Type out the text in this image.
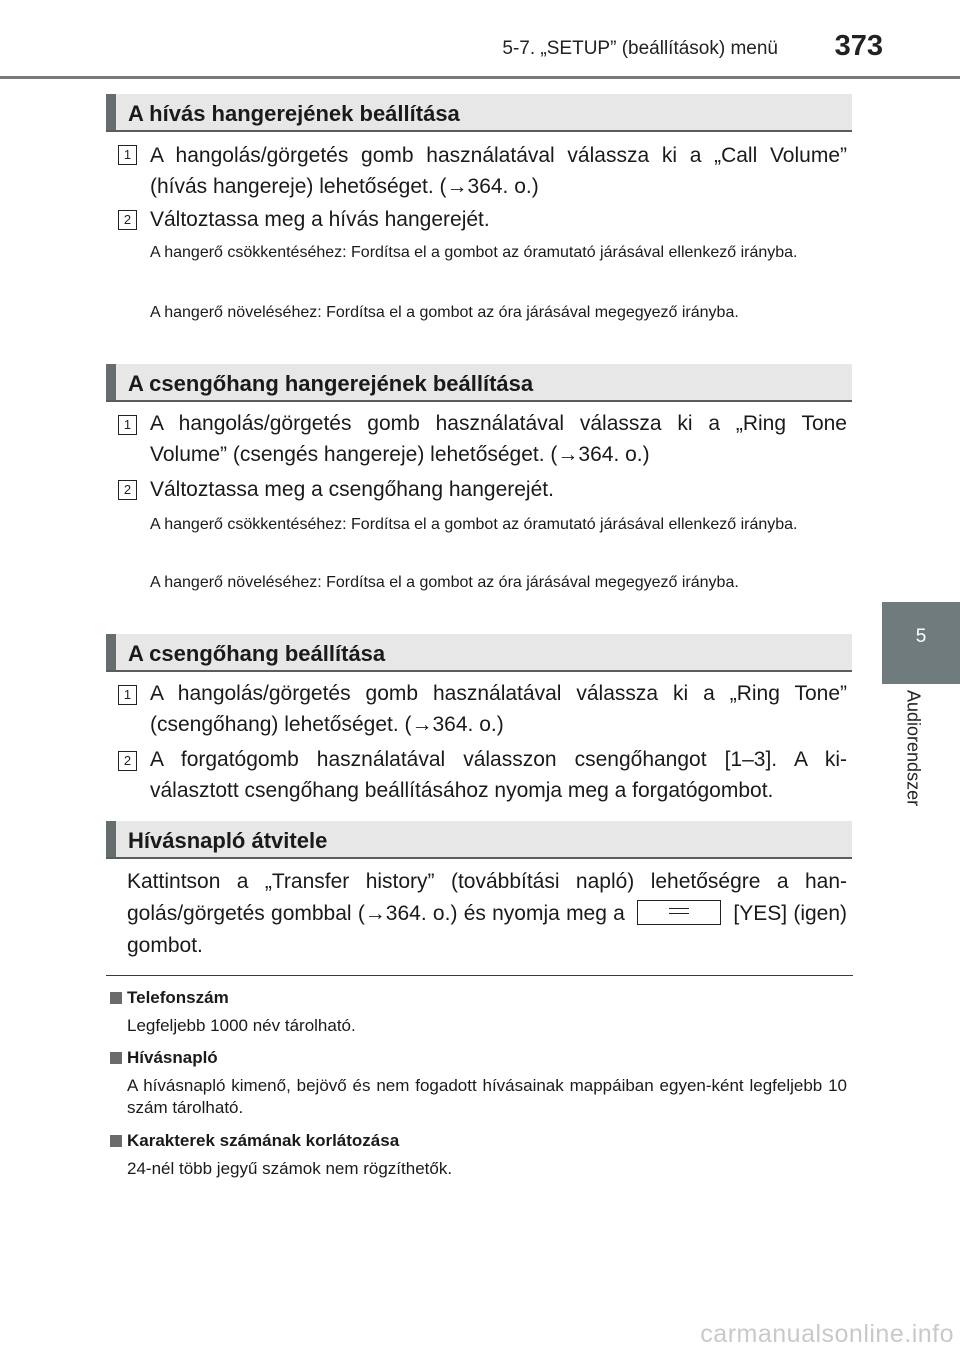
5-7. „SETUP” (beállítások) menü 373
5
Audiorendszer
A hívás hangerejének beállítása
1 A hangolás/görgetés gomb használatával válassza ki a „Call Volume” (hívás hangereje) lehetőséget. (→364. o.)
2 Változtassa meg a hívás hangerejét.
A hangerő csökkentéséhez: Fordítsa el a gombot az óramutató járásával ellenkező irányba.
A hangerő növeléséhez: Fordítsa el a gombot az óra járásával megegyező irányba.
A csengőhang hangerejének beállítása
1 A hangolás/görgetés gomb használatával válassza ki a „Ring Tone Volume” (csengés hangereje) lehetőséget. (→364. o.)
2 Változtassa meg a csengőhang hangerejét.
A hangerő csökkentéséhez: Fordítsa el a gombot az óramutató járásával ellenkező irányba.
A hangerő növeléséhez: Fordítsa el a gombot az óra járásával megegyező irányba.
A csengőhang beállítása
1 A hangolás/görgetés gomb használatával válassza ki a „Ring Tone” (csengőhang) lehetőséget. (→364. o.)
2 A forgatógomb használatával válasszon csengőhangot [1–3]. A ki-választott csengőhang beállításához nyomja meg a forgatógombot.
Hívásnapló átvitele
Kattintson a „Transfer history” (továbbítási napló) lehetőségre a han-golás/görgetés gombbal (→364. o.) és nyomja meg a	[YES] (igen) gombot.
Telefonszám
Legfeljebb 1000 név tárolható.
Hívásnapló
A hívásnapló kimenő, bejövő és nem fogadott hívásainak mappáiban egyen-ként legfeljebb 10 szám tárolható.
Karakterek számának korlátozása
24-nél több jegyű számok nem rögzíthetők.
carmanualsonline.info
